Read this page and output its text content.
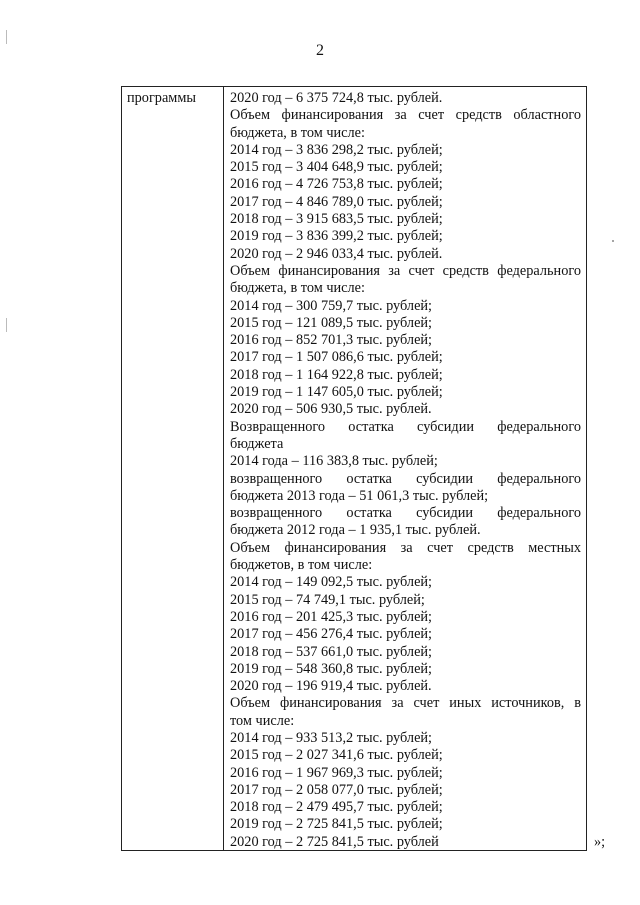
2
программы 2020 год – 6 375 724,8 тыс. рублей.
Объем финансирования за счет средств областного
бюджета, в том числе:
2014 год – 3 836 298,2 тыс. рублей;
2015 год – 3 404 648,9 тыс. рублей;
2016 год – 4 726 753,8 тыс. рублей;
2017 год – 4 846 789,0 тыс. рублей;
2018 год – 3 915 683,5 тыс. рублей;
2019 год – 3 836 399,2 тыс. рублей;
2020 год – 2 946 033,4 тыс. рублей.
Объем финансирования за счет средств федерального
бюджета, в том числе:
2014 год – 300 759,7 тыс. рублей;
2015 год – 121 089,5 тыс. рублей;
2016 год – 852 701,3 тыс. рублей;
2017 год – 1 507 086,6 тыс. рублей;
2018 год – 1 164 922,8 тыс. рублей;
2019 год – 1 147 605,0 тыс. рублей;
2020 год – 506 930,5 тыс. рублей.
Возвращенного остатка субсидии федерального
бюджета
2014 года – 116 383,8 тыс. рублей;
возвращенного остатка субсидии федерального
бюджета 2013 года – 51 061,3 тыс. рублей;
возвращенного остатка субсидии федерального
бюджета 2012 года – 1 935,1 тыс. рублей.
Объем финансирования за счет средств местных
бюджетов, в том числе:
2014 год – 149 092,5 тыс. рублей;
2015 год – 74 749,1 тыс. рублей;
2016 год – 201 425,3 тыс. рублей;
2017 год – 456 276,4 тыс. рублей;
2018 год – 537 661,0 тыс. рублей;
2019 год – 548 360,8 тыс. рублей;
2020 год – 196 919,4 тыс. рублей.
Объем финансирования за счет иных источников, в
том числе:
2014 год – 933 513,2 тыс. рублей;
2015 год – 2 027 341,6 тыс. рублей;
2016 год – 1 967 969,3 тыс. рублей;
2017 год – 2 058 077,0 тыс. рублей;
2018 год – 2 479 495,7 тыс. рублей;
2019 год – 2 725 841,5 тыс. рублей;
2020 год – 2 725 841,5 тыс. рублей	»;
